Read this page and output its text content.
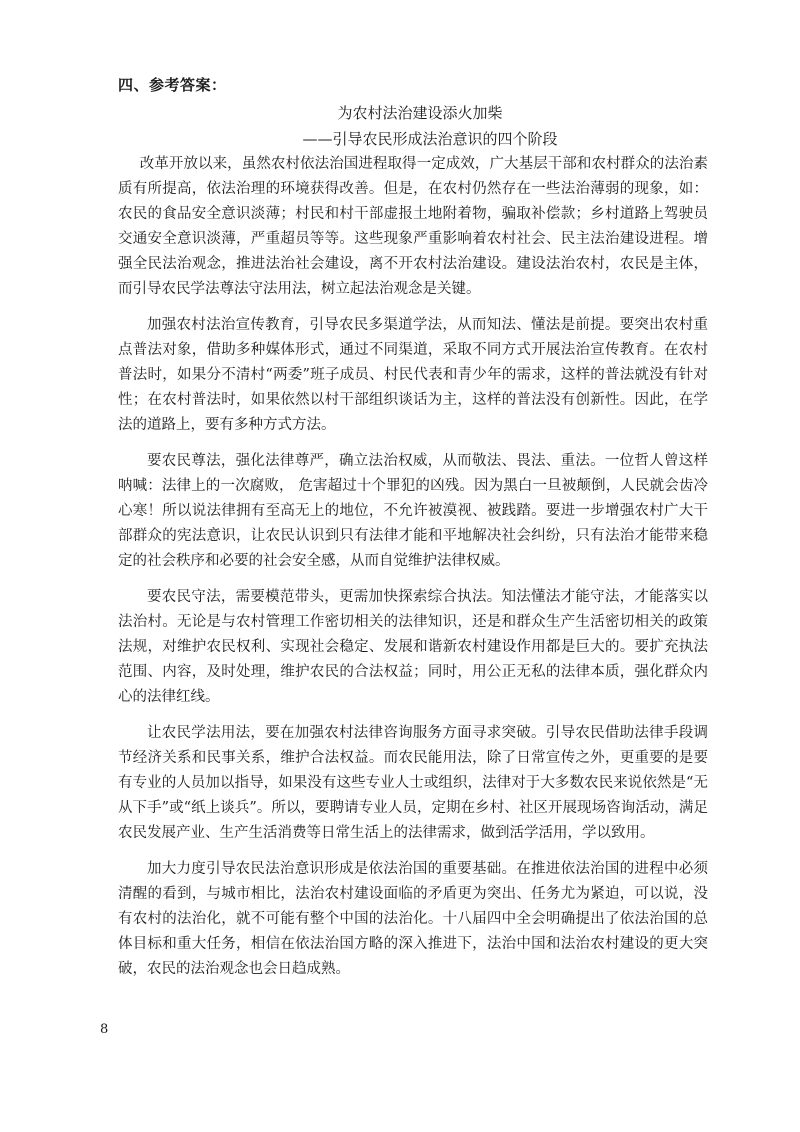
四、参考答案：
为农村法治建设添火加柴
——引导农民形成法治意识的四个阶段

改革开放以来，虽然农村依法治国进程取得一定成效，广大基层干部和农村群众的法治素质有所提高，依法治理的环境获得改善。但是，在农村仍然存在一些法治薄弱的现象，如：农民的食品安全意识淡薄；村民和村干部虚报土地附着物，骗取补偿款；乡村道路上驾驶员交通安全意识淡薄，严重超员等等。这些现象严重影响着农村社会、民主法治建设进程。增强全民法治观念，推进法治社会建设，离不开农村法治建设。建设法治农村，农民是主体，而引导农民学法尊法守法用法，树立起法治观念是关键。

加强农村法治宣传教育，引导农民多渠道学法，从而知法、懂法是前提。要突出农村重点普法对象，借助多种媒体形式，通过不同渠道，采取不同方式开展法治宣传教育。在农村普法时，如果分不清村“两委”班子成员、村民代表和青少年的需求，这样的普法就没有针对性；在农村普法时，如果依然以村干部组织谈话为主，这样的普法没有创新性。因此，在学法的道路上，要有多种方式方法。

要农民尊法，强化法律尊严，确立法治权威，从而敬法、畏法、重法。一位哲人曾这样呐喊：法律上的一次腐败， 危害超过十个罪犯的凶残。因为黑白一旦被颠倒，人民就会齿冷心寒！所以说法律拥有至高无上的地位，不允许被漠视、被践踏。要进一步增强农村广大干部群众的宪法意识，让农民认识到只有法律才能和平地解决社会纠纷，只有法治才能带来稳定的社会秩序和必要的社会安全感，从而自觉维护法律权威。

要农民守法，需要模范带头，更需加快探索综合执法。知法懂法才能守法，才能落实以法治村。无论是与农村管理工作密切相关的法律知识，还是和群众生产生活密切相关的政策法规，对维护农民权利、实现社会稳定、发展和谐新农村建设作用都是巨大的。要扩充执法范围、内容，及时处理，维护农民的合法权益；同时，用公正无私的法律本质，强化群众内心的法律红线。

让农民学法用法，要在加强农村法律咨询服务方面寻求突破。引导农民借助法律手段调节经济关系和民事关系，维护合法权益。而农民能用法，除了日常宣传之外，更重要的是要有专业的人员加以指导，如果没有这些专业人士或组织，法律对于大多数农民来说依然是“无从下手”或“纸上谈兵”。所以，要聘请专业人员，定期在乡村、社区开展现场咨询活动，满足农民发展产业、生产生活消费等日常生活上的法律需求，做到活学活用，学以致用。

加大力度引导农民法治意识形成是依法治国的重要基础。在推进依法治国的进程中必须清醒的看到，与城市相比，法治农村建设面临的矛盾更为突出、任务尤为紧迫，可以说，没有农村的法治化，就不可能有整个中国的法治化。十八届四中全会明确提出了依法治国的总体目标和重大任务，相信在依法治国方略的深入推进下，法治中国和法治农村建设的更大突破，农民的法治观念也会日趋成熟。

8
